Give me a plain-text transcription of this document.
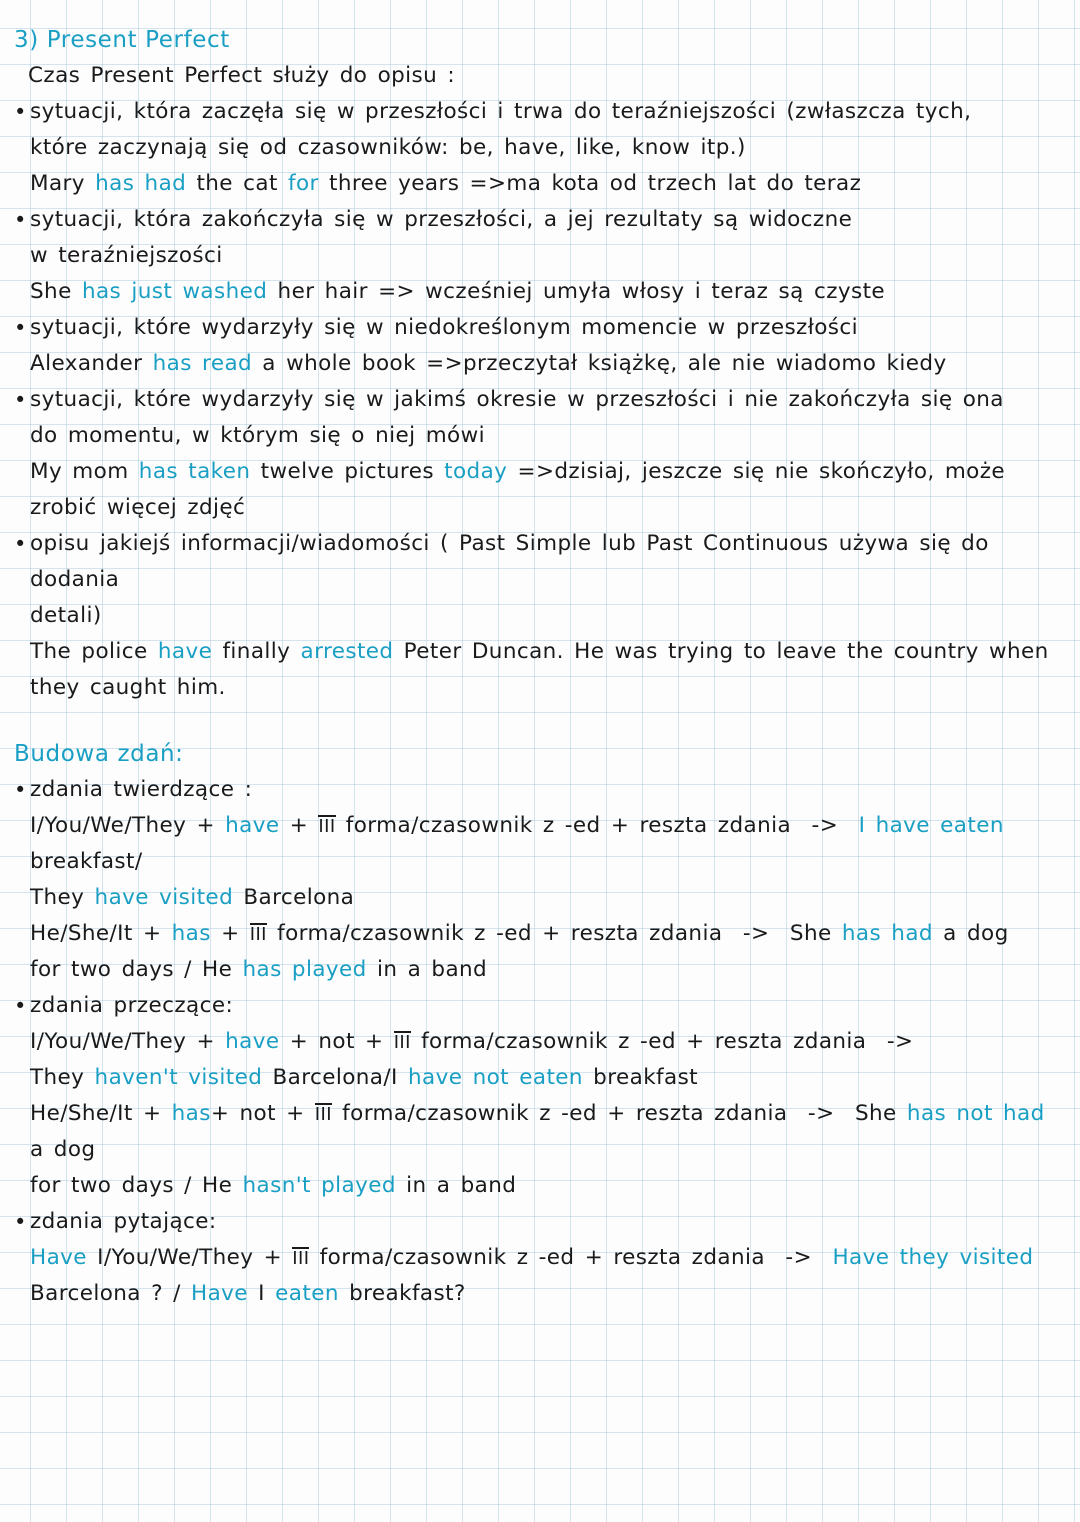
3) Present Perfect
Czas Present Perfect służy do opisu :
• sytuacji, która zaczęła się w przeszłości i trwa do teraźniejszości (zwłaszcza tych,
które zaczynają się od czasowników: be, have, like, know itp.)
Mary has had the cat for three years =>ma kota od trzech lat do teraz
• sytuacji, która zakończyła się w przeszłości, a jej rezultaty są widoczne
w teraźniejszości
She has just washed her hair => wcześniej umyła włosy i teraz są czyste
• sytuacji, które wydarzyły się w niedokreślonym momencie w przeszłości
Alexander has read a whole book =>przeczytał książkę, ale nie wiadomo kiedy
• sytuacji, które wydarzyły się w jakimś okresie w przeszłości i nie zakończyła się ona
do momentu, w którym się o niej mówi
My mom has taken twelve pictures today =>dzisiaj, jeszcze się nie skończyło, może
zrobić więcej zdjęć
• opisu jakiejś informacji/wiadomości ( Past Simple lub Past Continuous używa się do dodania
detali)
The police have finally arrested Peter Duncan. He was trying to leave the country when
they caught him.
Budowa zdań:
• zdania twierdzące :
I/You/We/They + have + III forma/czasownik z -ed + reszta zdania  ->  I have eaten breakfast/
They have visited Barcelona
He/She/It + has + III forma/czasownik z -ed + reszta zdania  ->  She has had a dog
for two days / He has played in a band
• zdania przeczące:
I/You/We/They + have + not + III forma/czasownik z -ed + reszta zdania  ->
They haven't visited Barcelona/I have not eaten breakfast
He/She/It + has+ not + III forma/czasownik z -ed + reszta zdania  ->  She has not had a dog
for two days / He hasn't played in a band
• zdania pytające:
Have I/You/We/They + III forma/czasownik z -ed + reszta zdania  ->  Have they visited
Barcelona ? / Have I eaten breakfast?
